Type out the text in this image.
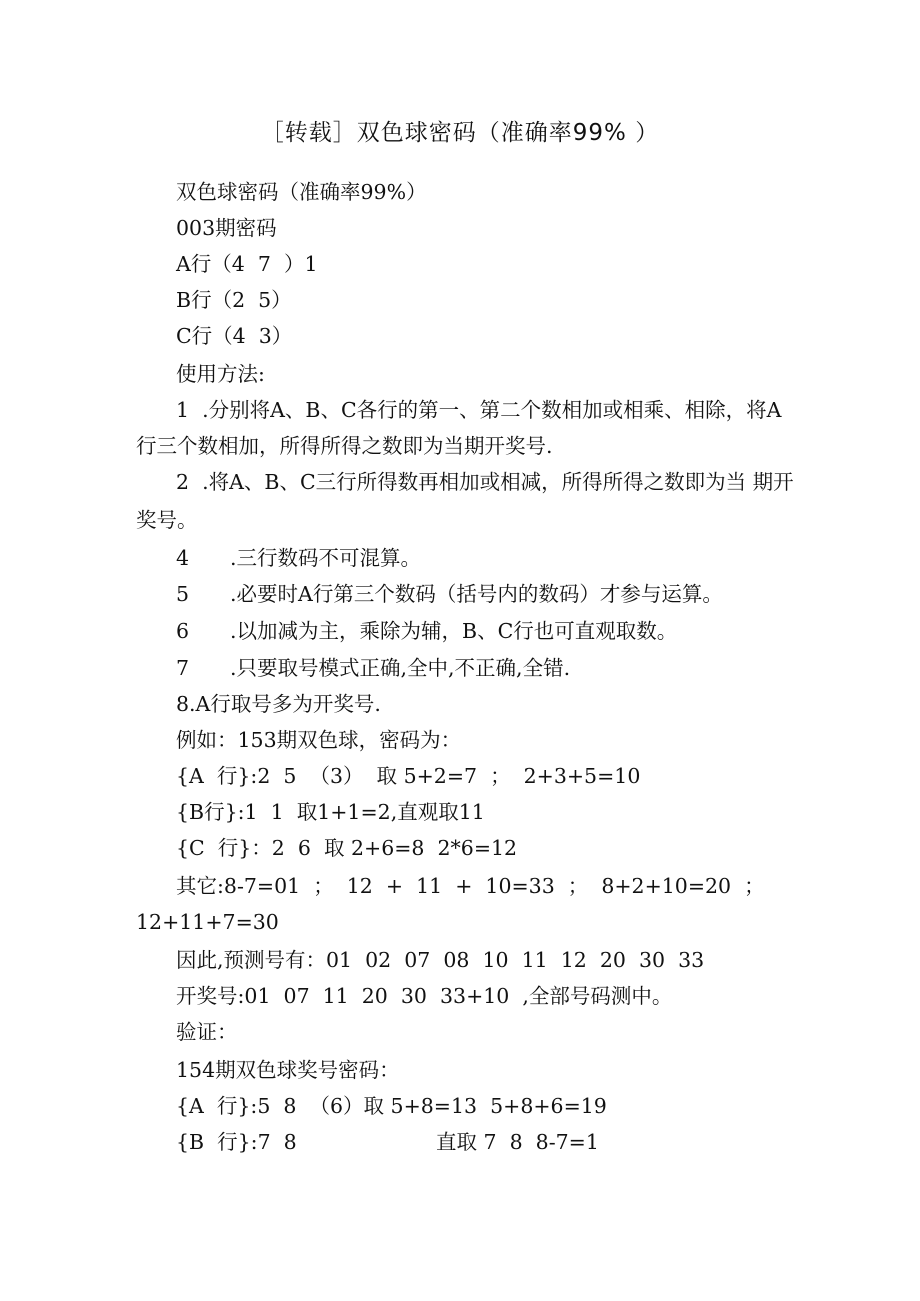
［转载］双色球密码（准确率99% ）
双色球密码（准确率99%）
003期密码
A行（4  7  ）1
B行（2  5）
C行（4  3）
使用方法:
1  .分别将A、B、C各行的第一、第二个数相加或相乘、相除，将A
行三个数相加，所得所得之数即为当期开奖号.
2  .将A、B、C三行所得数再相加或相减，所得所得之数即为当 期开
奖号。
4 .三行数码不可混算。
5 .必要时A行第三个数码（括号内的数码）才参与运算。
6 .以加减为主，乘除为辅，B、C行也可直观取数。
7 .只要取号模式正确,全中,不正确,全错.
8.A行取号多为开奖号.
例如：153期双色球，密码为：
{A  行}:2  5  （3）  取 5+2=7  ；  2+3+5=10
{B行}:1  1  取1+1=2,直观取11
{C  行}：2  6  取 2+6=8  2*6=12
其它:8-7=01  ；  12  +  11  +  10=33  ；  8+2+10=20  ；
12+11+7=30
因此,预测号有：01  02  07  08  10  11  12  20  30  33
开奖号:01  07  11  20  30  33+10  ,全部号码测中。
验证：
154期双色球奖号密码：
{A  行}:5  8  （6）取 5+8=13  5+8+6=19
{B  行}:7  8	直取 7  8  8-7=1
